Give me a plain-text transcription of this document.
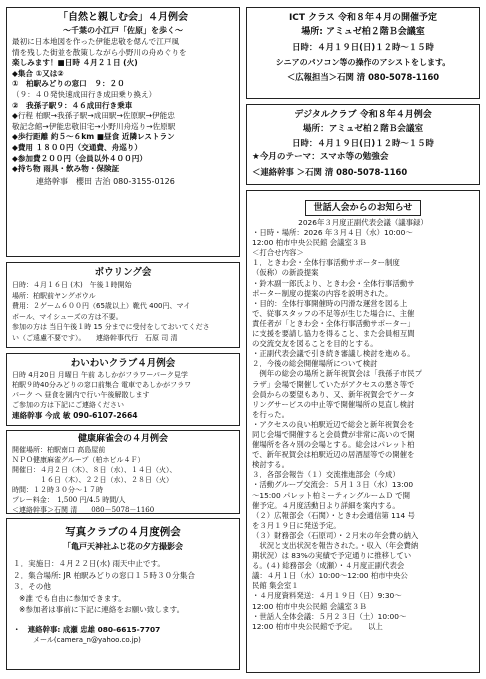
「自然と親しむ会」４月例会
～千葉の小江戸「佐原」を歩く～
最初に日本地図を作った伊能忠敬を偲んで江戸風
情を残した街並を散策しながら小野川の舟めぐりを
楽しみます！■日時 ４月２１日 (火)
◆集合 ①又は②
①　柏駅みどりの窓口　９：２０
（９：４０発快速成田行き成田乗り換え）
②　我孫子駅９：４６成田行き乗車
◆行程 柏駅→我孫子駅→成田駅→佐原駅→伊能忠
敬記念館→伊能忠敬旧宅→小野川舟巡り→佐原駅
◆歩行距離 約５～６km ■昼食 近隣レストラン
◆費用 １８００円（交通費、舟巡り）
◆参加費２００円（会員以外４００円）
◆持ち物 雨具・飲み物・保険証
連絡幹事　櫻田 吉治 080-3155-0126
ボウリング会
日時：４月１６日 (木)　午後１時開始
場所：柏駅前ヤングボウル
費用：２ゲーム６００円（65歳以上）靴代 400円、マイ
ボール、マイシューズの方は不要。
参加の方は 当日午後１時 15 分までに受付をしておいてくださ
い（ご遠慮不要です）。　　連絡幹事代行　石原 司 清
わいわいクラブ４月例会
日時 4月20日 月曜日 午前 あしかがフラワーパーク見学
柏駅９時40分みどりの窓口前集合 電車であしかがフラワ
パーク へ 昼食を園内で行い午後解散します
ご参加の方は下記にご連絡ください
連絡幹事 今成 敏 090-6107-2664
健康麻雀会の４月例会
開催場所：柏駅南口 高島屋前
ＮＰＯ健康麻雀グループ（柏ホビル４Ｆ）
開催日：４月２日（木）、８日（水）、１４日（火）、
　　　　１６日（木）、２２日（水）、２８日（火）
時間：１２時３０分～１７時
プレー料金：　1,500 円/4.5 時間/人
＜連絡幹事＞石関 清　　080－5078－1160
写真クラブの４月度例会
「亀戸天神社ふじ花の夕方撮影会
１．実施日：４月２２日(水) 雨天中止です。
２．集合場所: JR 柏駅みどりの窓口１５時３０分集合
３．その他
※誰 でも自由に参加できます。
※参加者は事前に下記に連絡をお願い致します。
・　連絡幹事: 成瀬 忠雄 080-6615-7707
メール(camera_n@yahoo.co.jp)
ICT クラス 令和８年４月の開催予定
場所: アミュゼ柏２階Ｂ会議室
日時：４月１９日(日)１２時～１５時
シニアのパソコン等の操作のアシストをします。
＜広報担当＞石関 清 080-5078-1160
デジタルクラブ 令和８年４月例会
場所：アミュゼ柏２階Ｂ会議室
日時：４月１９日(日)１２時～１５時
★今月のテーマ：スマホ等の勉強会
＜連絡幹事 ＞石関 清 080-5078-1160
世話人会からのお知らせ
2026年３月度正副代表会議（議事録）
・日時・場所：2026 年３月４日（水）10:00～
12:00 柏市中央公民館 会議室３Ｂ
＜打合せ内容＞
１．ときわ会・全体行事活動サポーター制度
（仮称）の新設提案
・鈴木副一郎氏より、ときわ会・全体行事活動サ
ポーター制度の提案の内容を説明された。
・目的：全体行事開催時の円滑な運営を図る上
で、従事スタッフの不足等が生じた場合に、主催
責任者が「ときわ会・全体行事活動サポーター」
に支援を要請し協力を得ること、また会員相互間
の交流交友を図ることを目的とする。
・正副代表会議で引き続き審議し検討を進める。
２．今後の総会開催場所について検討
　例年の総会の場所と新年祝賀会は「我孫子市民プ
ラザ」会場で開催していたがアクセスの悪さ等で
会員からの要望もあり、又、新年祝賀会でケータ
リングサービスの中止等で開催場所の見直し検討
を行った。
・アクセスの良い柏駅近辺で総会と新年祝賀会を
同じ会場で開催すると会員費が非常に高いので開
催場所を各々別の会場とする。総会はパレット柏
で、新年祝賀会は柏駅近辺の居酒屋等での開催を
検討する。
３．各部会報告（１）交流推進部会（今成）
・活動グループ交流会：５月１３日（水）13:00
～15:00 パレット柏ミーティングルームＤ で開
催予定。４月度活動日より詳細を案内する。
（２）広報部会（石関）・ときわ会通信第 114 号
を３月１９日に発送予定。
（３）財務部会（石原司）・２月末の年会費の納入
　状況と支出状況を報告された。・収入（年会費納
期状況）は 83%の実績で予定通りに推移してい
る。(４) 総務部会（成瀬）・４月度正副代表会
議：４月１日（水）10:00～12:00 柏市中央公
民館 集会室１
・４月度資料発送：４月１９日（日）9:30～
12:00 柏市中央公民館 会議室３Ｂ
・世話人全体会議：５月２３日（土）10:00～
12:00 柏市中央公民館で予定。　　以上
